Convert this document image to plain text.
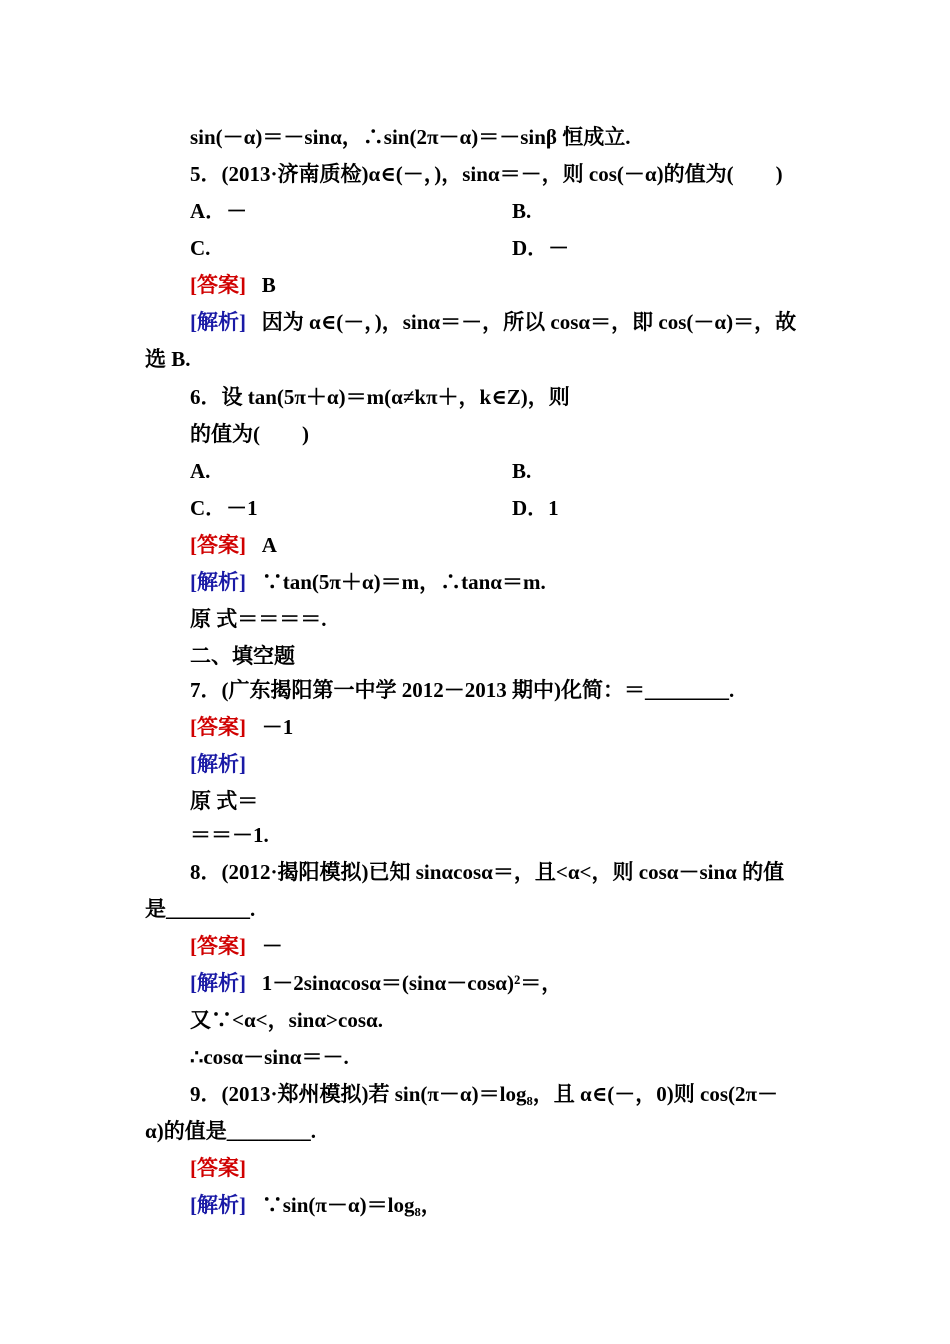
sin(－α)＝－sinα，∴sin(2π－α)＝－sinβ 恒成立.
5．(2013·济南质检)α∈(－，)，sinα＝－，则 cos(－α)的值为(　　)
A．－	B.
C.	D．－
[答案] B
[解析] 因为 α∈(－，)，sinα＝－，所以 cosα＝，即 cos(－α)＝，故
选 B.
6．设 tan(5π＋α)＝m(α≠kπ＋，k∈Z)，则
的值为(　　)
A.	B.
C．－1	D．1
[答案] A
[解析] ∵tan(5π＋α)＝m，∴tanα＝m.
原 式＝＝＝＝.
二、填空题
7．(广东揭阳第一中学 2012－2013 期中)化简：＝________.
[答案] －1
[解析]
原 式＝
＝＝－1.
8．(2012·揭阳模拟)已知 sinαcosα＝，且<α<，则 cosα－sinα 的值
是________.
[答案] －
[解析] 1－2sinαcosα＝(sinα－cosα)²＝，
又∵<α<，sinα>cosα.
∴cosα－sinα＝－.
9．(2013·郑州模拟)若 sin(π－α)＝log₈，且 α∈(－，0)则 cos(2π－
α)的值是________.
[答案]
[解析] ∵sin(π－α)＝log₈，
